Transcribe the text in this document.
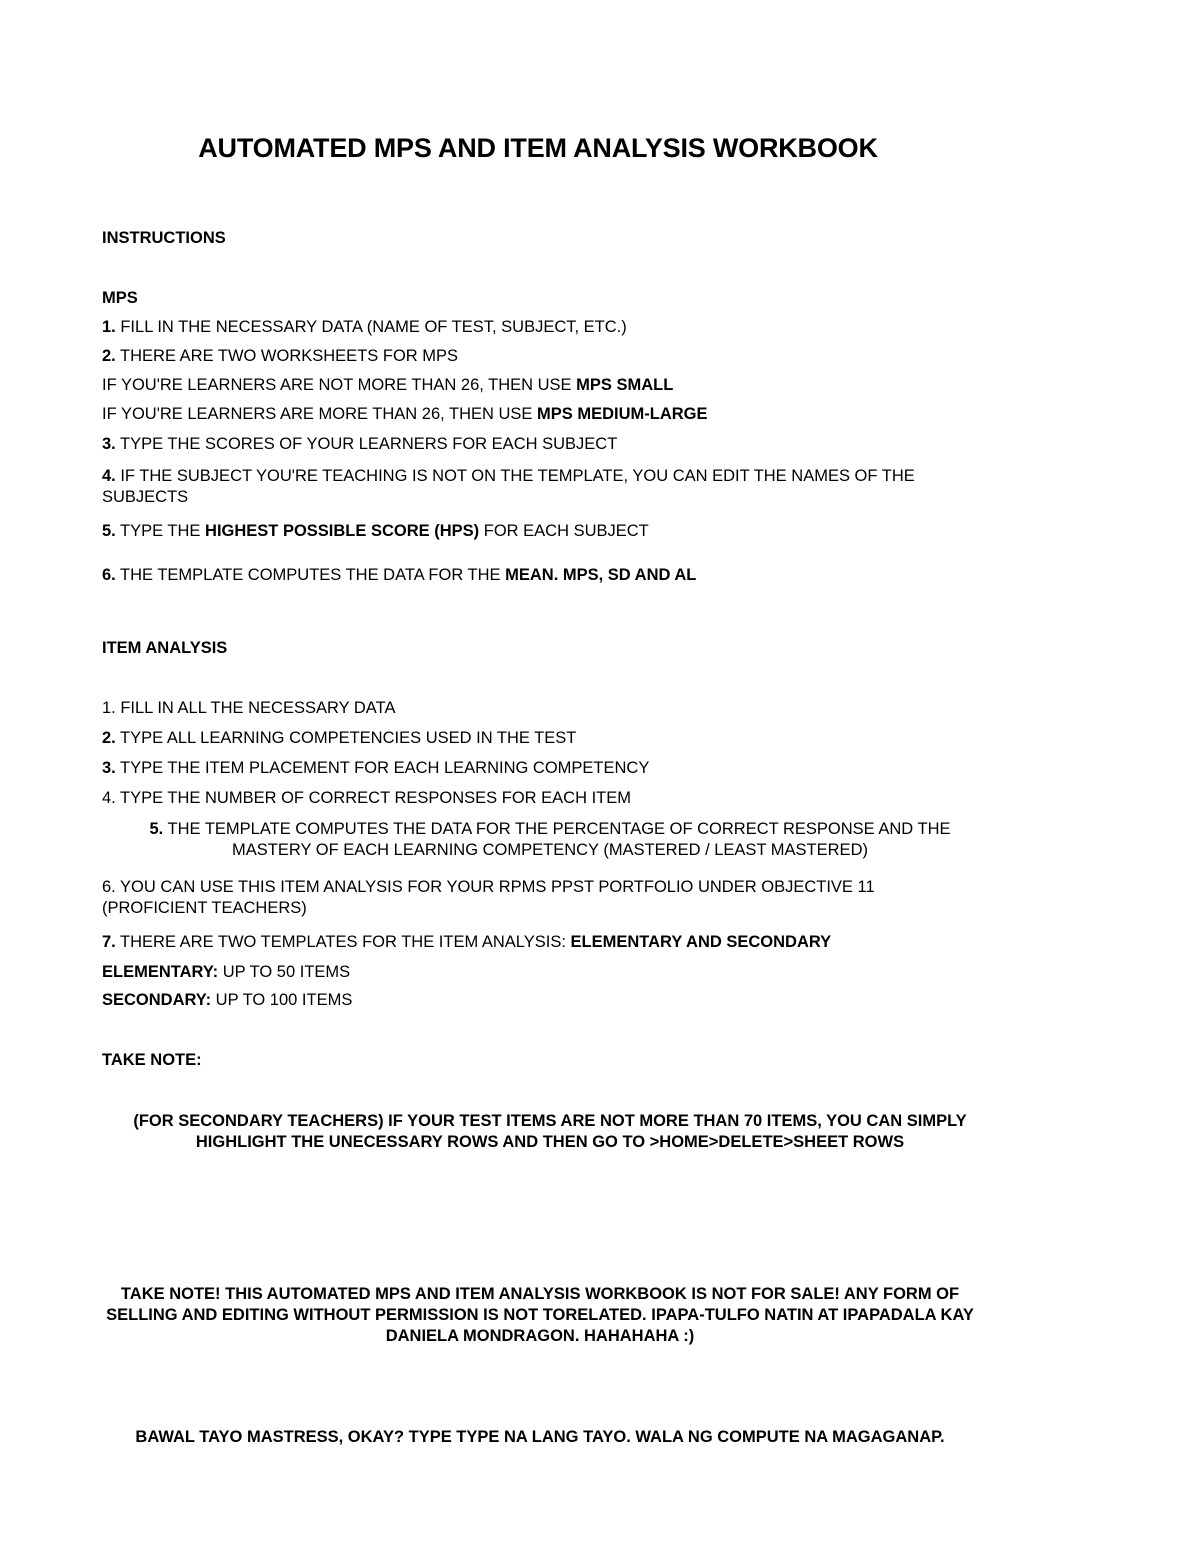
AUTOMATED MPS AND ITEM ANALYSIS WORKBOOK
INSTRUCTIONS
MPS
1. FILL IN THE NECESSARY DATA (NAME OF TEST, SUBJECT, ETC.)
2. THERE ARE TWO WORKSHEETS FOR MPS
IF YOU'RE LEARNERS ARE NOT MORE THAN 26, THEN USE MPS SMALL
IF YOU'RE LEARNERS ARE MORE THAN 26, THEN USE MPS MEDIUM-LARGE
3. TYPE THE SCORES OF YOUR LEARNERS FOR EACH SUBJECT
4. IF THE SUBJECT YOU'RE TEACHING IS NOT ON THE TEMPLATE, YOU CAN EDIT THE NAMES OF THE SUBJECTS
5. TYPE THE HIGHEST POSSIBLE SCORE (HPS) FOR EACH SUBJECT
6. THE TEMPLATE COMPUTES THE DATA FOR THE MEAN. MPS, SD AND AL
ITEM ANALYSIS
1. FILL IN ALL THE NECESSARY DATA
2. TYPE ALL LEARNING COMPETENCIES USED IN THE TEST
3. TYPE THE ITEM PLACEMENT FOR EACH LEARNING COMPETENCY
4. TYPE THE NUMBER OF CORRECT RESPONSES FOR EACH ITEM
5. THE TEMPLATE COMPUTES THE DATA FOR THE PERCENTAGE OF CORRECT RESPONSE AND THE MASTERY OF EACH LEARNING COMPETENCY (MASTERED / LEAST MASTERED)
6. YOU CAN USE THIS ITEM ANALYSIS FOR YOUR RPMS PPST PORTFOLIO UNDER OBJECTIVE 11 (PROFICIENT TEACHERS)
7. THERE ARE TWO TEMPLATES FOR THE ITEM ANALYSIS: ELEMENTARY AND SECONDARY
ELEMENTARY: UP TO 50 ITEMS
SECONDARY: UP TO 100 ITEMS
TAKE NOTE:
(FOR SECONDARY TEACHERS) IF YOUR TEST ITEMS ARE NOT MORE THAN 70 ITEMS, YOU CAN SIMPLY HIGHLIGHT THE UNECESSARY ROWS AND THEN GO TO >HOME>DELETE>SHEET ROWS
TAKE NOTE! THIS AUTOMATED MPS AND ITEM ANALYSIS WORKBOOK IS NOT FOR SALE! ANY FORM OF SELLING AND EDITING WITHOUT PERMISSION IS NOT TORELATED. IPAPA-TULFO NATIN AT IPAPADALA KAY DANIELA MONDRAGON. HAHAHAHA :)
BAWAL TAYO MASTRESS, OKAY? TYPE TYPE NA LANG TAYO. WALA NG COMPUTE NA MAGAGANAP.
